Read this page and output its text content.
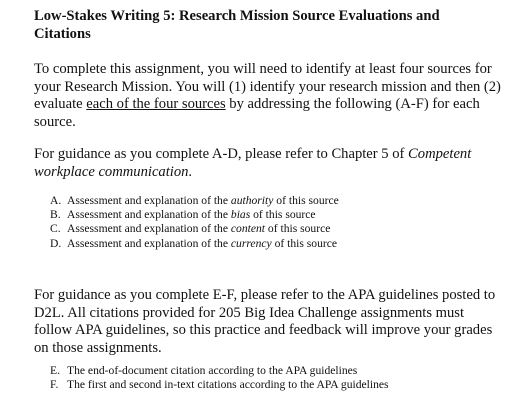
Low-Stakes Writing 5: Research Mission Source Evaluations and Citations

To complete this assignment, you will need to identify at least four sources for your Research Mission. You will (1) identify your research mission and then (2) evaluate each of the four sources by addressing the following (A-F) for each source.

For guidance as you complete A-D, please refer to Chapter 5 of Competent workplace communication.

A. Assessment and explanation of the authority of this source
B. Assessment and explanation of the bias of this source
C. Assessment and explanation of the content of this source
D. Assessment and explanation of the currency of this source

For guidance as you complete E-F, please refer to the APA guidelines posted to D2L. All citations provided for 205 Big Idea Challenge assignments must follow APA guidelines, so this practice and feedback will improve your grades on those assignments.

E. The end-of-document citation according to the APA guidelines
F. The first and second in-text citations according to the APA guidelines
